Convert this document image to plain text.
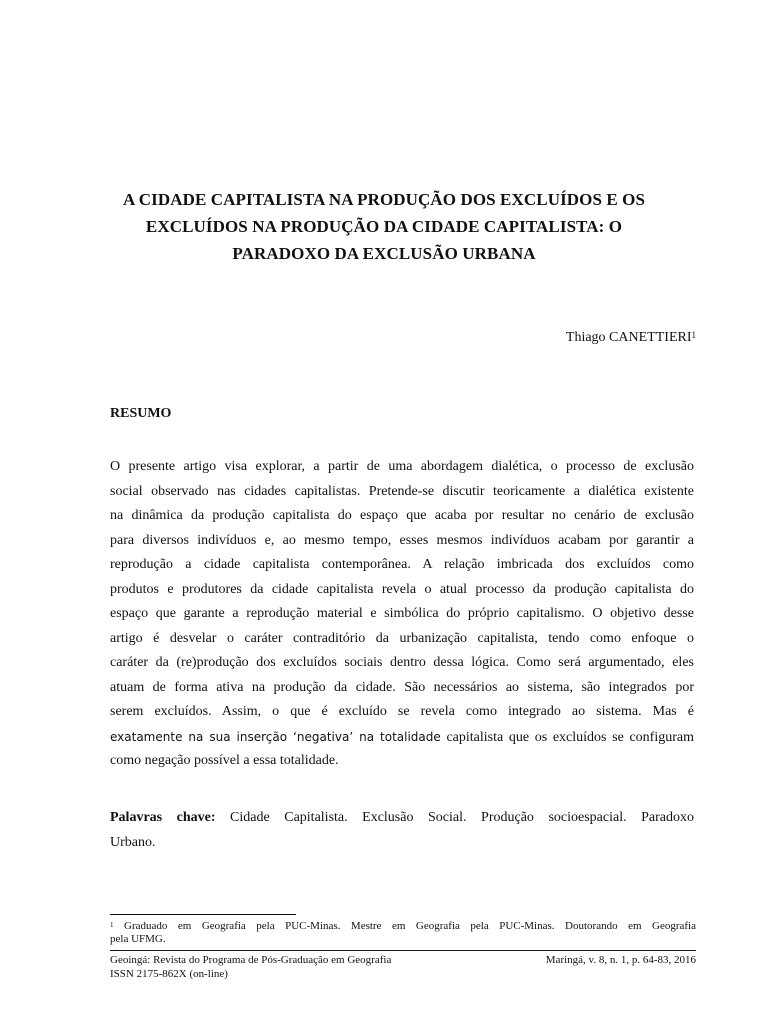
A CIDADE CAPITALISTA NA PRODUÇÃO DOS EXCLUÍDOS E OS
EXCLUÍDOS NA PRODUÇÃO DA CIDADE CAPITALISTA: O
PARADOXO DA EXCLUSÃO URBANA
Thiago CANETTIERI$^1$
RESUMO
O presente artigo visa explorar, a partir de uma abordagem dialética, o processo de exclusão
social observado nas cidades capitalistas. Pretende-se discutir teoricamente a dialética existente
na dinâmica da produção capitalista do espaço que acaba por resultar no cenário de exclusão
para diversos indivíduos e, ao mesmo tempo, esses mesmos indivíduos acabam por garantir a
reprodução a cidade capitalista contemporânea. A relação imbricada dos excluídos como
produtos e produtores da cidade capitalista revela o atual processo da produção capitalista do
espaço que garante a reprodução material e simbólica do próprio capitalismo. O objetivo desse
artigo é desvelar o caráter contraditório da urbanização capitalista, tendo como enfoque o
caráter da (re)produção dos excluídos sociais dentro dessa lógica. Como será argumentado, eles
atuam de forma ativa na produção da cidade. São necessários ao sistema, são integrados por
serem excluídos. Assim, o que é excluído se revela como integrado ao sistema. Mas é
exatamente na sua inserção ‘negativa’ na totalidade capitalista que os excluídos se configuram
como negação possível a essa totalidade.
Palavras chave: Cidade Capitalista. Exclusão Social. Produção socioespacial. Paradoxo
Urbano.
$^1$ Graduado em Geografia pela PUC-Minas. Mestre em Geografia pela PUC-Minas. Doutorando em Geografia
pela UFMG.
Geoingá: Revista do Programa de Pós-Graduação em Geografia	Maringá, v. 8, n. 1, p. 64-83, 2016
ISSN 2175-862X (on-line)
